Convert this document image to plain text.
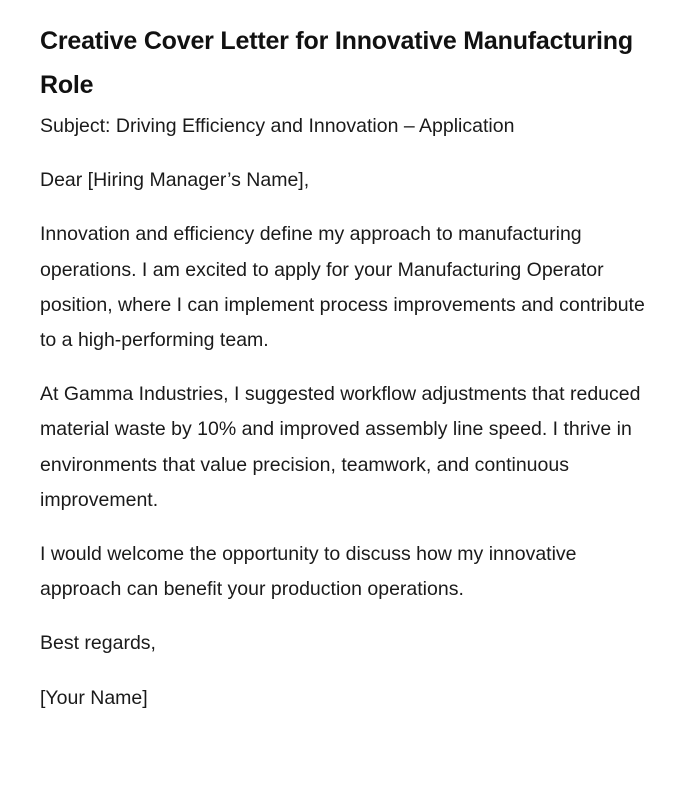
Creative Cover Letter for Innovative Manufacturing Role

Subject: Driving Efficiency and Innovation – Application

Dear [Hiring Manager’s Name],

Innovation and efficiency define my approach to manufacturing operations. I am excited to apply for your Manufacturing Operator position, where I can implement process improvements and contribute to a high-performing team.

At Gamma Industries, I suggested workflow adjustments that reduced material waste by 10% and improved assembly line speed. I thrive in environments that value precision, teamwork, and continuous improvement.

I would welcome the opportunity to discuss how my innovative approach can benefit your production operations.

Best regards,

[Your Name]
